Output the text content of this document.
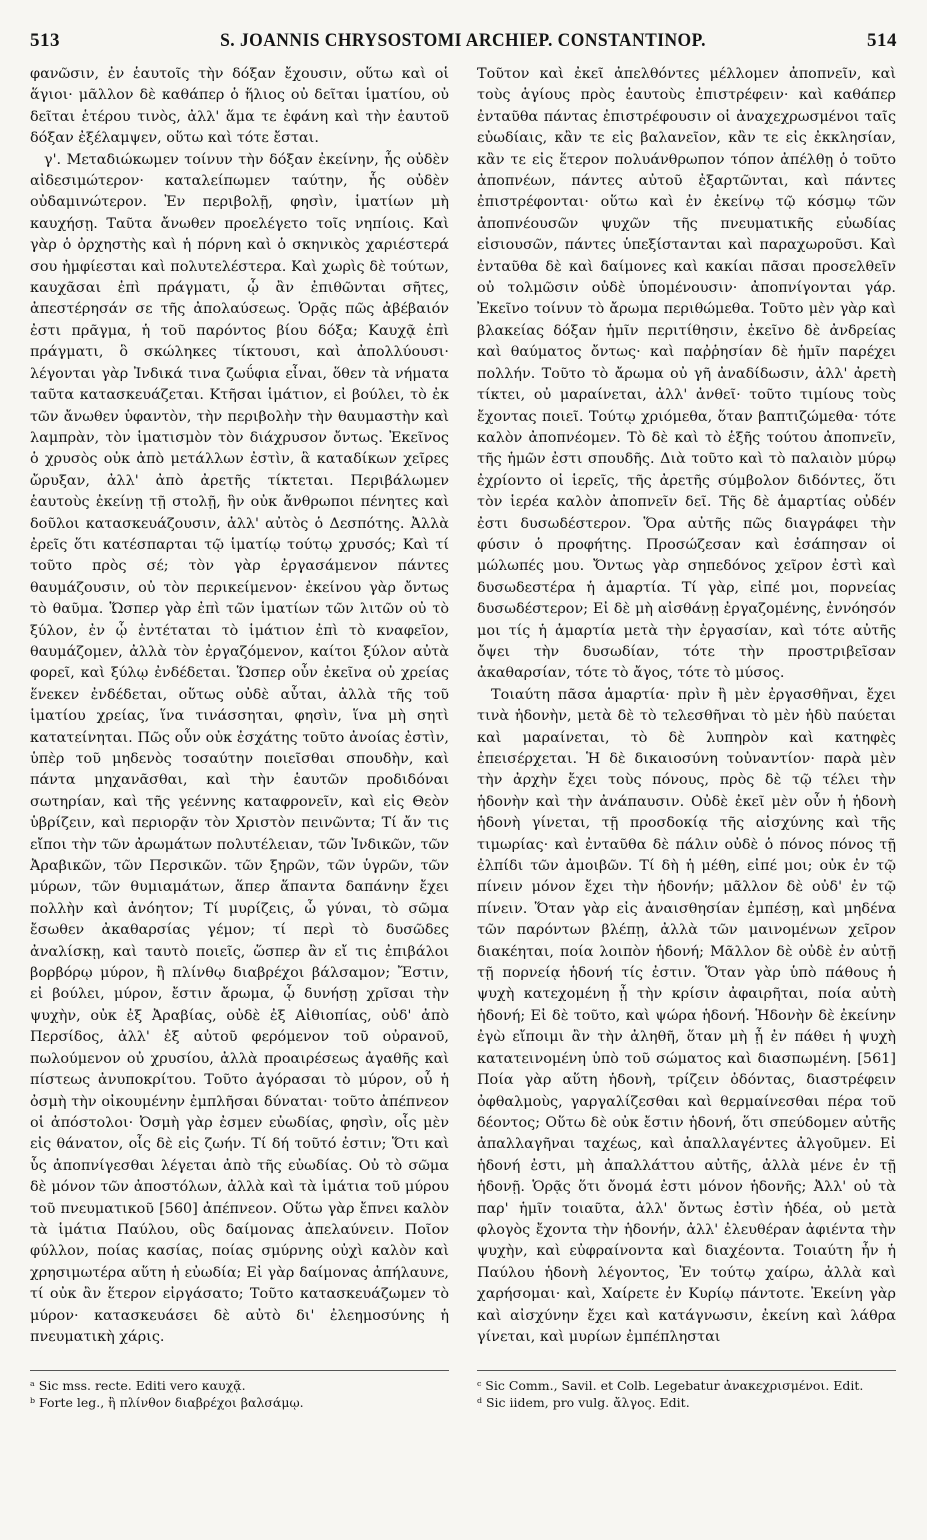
513	S. JOANNIS CHRYSOSTOMI ARCHIEP. CONSTANTINOP.	514

φανῶσιν, ἐν ἑαυτοῖς τὴν δόξαν ἔχουσιν, οὕτω καὶ οἱ ἅγιοι· μᾶλλον δὲ καθάπερ ὁ ἥλιος οὐ δεῖται ἱματίου, οὐ δεῖται ἑτέρου τινὸς, ἀλλ' ἅμα τε ἐφάνη καὶ τὴν ἑαυτοῦ δόξαν ἐξέλαμψεν, οὕτω καὶ τότε ἔσται.

γ'. Μεταδιώκωμεν τοίνυν τὴν δόξαν ἐκείνην, ἧς οὐδὲν αἰδεσιμώτερον· καταλείπωμεν ταύτην, ἧς οὐδὲν οὐδαμινώτερον. Ἐν περιβολῇ, φησὶν, ἱματίων μὴ καυχήσῃ. Ταῦτα ἄνωθεν προελέγετο τοῖς νηπίοις. Καὶ γὰρ ὁ ὀρχηστὴς καὶ ἡ πόρνη καὶ ὁ σκηνικὸς χαριέστερά σου ἠμφίεσται καὶ πολυτελέστερα. Καὶ χωρὶς δὲ τούτων, καυχᾶσαι ἐπὶ πράγματι, ᾧ ἂν ἐπιθῶνται σῆτες, ἀπεστέρησάν σε τῆς ἀπολαύσεως. Ὁρᾷς πῶς ἀβέβαιόν ἐστι πρᾶγμα, ἡ τοῦ παρόντος βίου δόξα; Καυχᾷ ἐπὶ πράγματι, ὃ σκώληκες τίκτουσι, καὶ ἀπολλύουσι· λέγονται γὰρ Ἰνδικά τινα ζωΰφια εἶναι, ὅθεν τὰ νήματα ταῦτα κατασκευάζεται. Κτῆσαι ἱμάτιον, εἰ βούλει, τὸ ἐκ τῶν ἄνωθεν ὑφαντὸν, τὴν περιβολὴν τὴν θαυμαστὴν καὶ λαμπρὰν, τὸν ἱματισμὸν τὸν διάχρυσον ὄντως. Ἐκεῖνος ὁ χρυσὸς οὐκ ἀπὸ μετάλλων ἐστὶν, ἃ καταδίκων χεῖρες ὤρυξαν, ἀλλ' ἀπὸ ἀρετῆς τίκτεται. Περιβάλωμεν ἑαυτοὺς ἐκείνῃ τῇ στολῇ, ἣν οὐκ ἄνθρωποι πένητες καὶ δοῦλοι κατασκευάζουσιν, ἀλλ' αὐτὸς ὁ Δεσπότης. Ἀλλὰ ἐρεῖς ὅτι κατέσπαρται τῷ ἱματίῳ τούτῳ χρυσός; Καὶ τί τοῦτο πρὸς σέ; τὸν γὰρ ἐργασάμενον πάντες θαυμάζουσιν, οὐ τὸν περικείμενον· ἐκείνου γὰρ ὄντως τὸ θαῦμα. Ὥσπερ γὰρ ἐπὶ τῶν ἱματίων τῶν λιτῶν οὐ τὸ ξύλον, ἐν ᾧ ἐντέταται τὸ ἱμάτιον ἐπὶ τὸ κναφεῖον, θαυμάζομεν, ἀλλὰ τὸν ἐργαζόμενον, καίτοι ξύλον αὐτὰ φορεῖ, καὶ ξύλῳ ἐνδέδεται. Ὥσπερ οὖν ἐκεῖνα οὐ χρείας ἕνεκεν ἐνδέδεται, οὕτως οὐδὲ αὗται, ἀλλὰ τῆς τοῦ ἱματίου χρείας, ἵνα τινάσσηται, φησὶν, ἵνα μὴ σητὶ κατατείνηται. Πῶς οὖν οὐκ ἐσχάτης τοῦτο ἀνοίας ἐστὶν, ὑπὲρ τοῦ μηδενὸς τοσαύτην ποιεῖσθαι σπουδὴν, καὶ πάντα μηχανᾶσθαι, καὶ τὴν ἑαυτῶν προδιδόναι σωτηρίαν, καὶ τῆς γεέννης καταφρονεῖν, καὶ εἰς Θεὸν ὑβρίζειν, καὶ περιορᾷν τὸν Χριστὸν πεινῶντα; Τί ἄν τις εἴποι τὴν τῶν ἀρωμάτων πολυτέλειαν, τῶν Ἰνδικῶν, τῶν Ἀραβικῶν, τῶν Περσικῶν. τῶν ξηρῶν, τῶν ὑγρῶν, τῶν μύρων, τῶν θυμιαμάτων, ἅπερ ἅπαντα δαπάνην ἔχει πολλὴν καὶ ἀνόητον; Τί μυρίζεις, ὦ γύναι, τὸ σῶμα ἔσωθεν ἀκαθαρσίας γέμον; τί περὶ τὸ δυσῶδες ἀναλίσκῃ, καὶ ταυτὸ ποιεῖς, ὥσπερ ἂν εἴ τις ἐπιβάλοι βορβόρῳ μύρον, ἢ πλίνθῳ διαβρέχοι βάλσαμον; Ἔστιν, εἰ βούλει, μύρον, ἔστιν ἄρωμα, ᾧ δυνήσῃ χρῖσαι τὴν ψυχὴν, οὐκ ἐξ Ἀραβίας, οὐδὲ ἐξ Αἰθιοπίας, οὐδ' ἀπὸ Περσίδος, ἀλλ' ἐξ αὐτοῦ φερόμενον τοῦ οὐρανοῦ, πωλούμενον οὐ χρυσίου, ἀλλὰ προαιρέσεως ἀγαθῆς καὶ πίστεως ἀνυποκρίτου. Τοῦτο ἀγόρασαι τὸ μύρον, οὗ ἡ ὀσμὴ τὴν οἰκουμένην ἐμπλῆσαι δύναται· τοῦτο ἀπέπνεον οἱ ἀπόστολοι· Ὀσμὴ γὰρ ἐσμεν εὐωδίας, φησὶν, οἷς μὲν εἰς θάνατον, οἷς δὲ εἰς ζωήν. Τί δή τοῦτό ἐστιν; Ὅτι καὶ ὗς ἀποπνίγεσθαι λέγεται ἀπὸ τῆς εὐωδίας. Οὐ τὸ σῶμα δὲ μόνον τῶν ἀποστόλων, ἀλλὰ καὶ τὰ ἱμάτια τοῦ μύρου τοῦ πνευματικοῦ [560] ἀπέπνεον. Οὕτω γὰρ ἔπνει καλὸν τὰ ἱμάτια Παύλου, οὓς δαίμονας ἀπελαύνειν. Ποῖον φύλλον, ποίας κασίας, ποίας σμύρνης οὐχὶ καλὸν καὶ χρησιμωτέρα αὕτη ἡ εὐωδία; Εἰ γὰρ δαίμονας ἀπήλαυνε, τί οὐκ ἂν ἕτερον εἰργάσατο; Τοῦτο κατασκευάζωμεν τὸ μύρον· κατασκευάσει δὲ αὐτὸ δι' ἐλεημοσύνης ἡ πνευματικὴ χάρις.

Τοῦτον καὶ ἐκεῖ ἀπελθόντες μέλλομεν ἀποπνεῖν, καὶ τοὺς ἁγίους πρὸς ἑαυτοὺς ἐπιστρέφειν· καὶ καθάπερ ἐνταῦθα πάντας ἐπιστρέφουσιν οἱ ἀναχεχρωσμένοι ταῖς εὐωδίαις, κἂν τε εἰς βαλανεῖον, κἂν τε εἰς ἐκκλησίαν, κἂν τε εἰς ἕτερον πολυάνθρωπον τόπον ἀπέλθῃ ὁ τοῦτο ἀποπνέων, πάντες αὐτοῦ ἐξαρτῶνται, καὶ πάντες ἐπιστρέφονται· οὕτω καὶ ἐν ἐκείνῳ τῷ κόσμῳ τῶν ἀποπνέουσῶν ψυχῶν τῆς πνευματικῆς εὐωδίας εἰσιουσῶν, πάντες ὑπεξίστανται καὶ παραχωροῦσι. Καὶ ἐνταῦθα δὲ καὶ δαίμονες καὶ κακίαι πᾶσαι προσελθεῖν οὐ τολμῶσιν οὐδὲ ὑπομένουσιν· ἀποπνίγονται γάρ. Ἐκεῖνο τοίνυν τὸ ἄρωμα περιθώμεθα. Τοῦτο μὲν γὰρ καὶ βλακείας δόξαν ἡμῖν περιτίθησιν, ἐκεῖνο δὲ ἀνδρείας καὶ θαύματος ὄντως· καὶ παῤῥησίαν δὲ ἡμῖν παρέχει πολλήν. Τοῦτο τὸ ἄρωμα οὐ γῆ ἀναδίδωσιν, ἀλλ' ἀρετὴ τίκτει, οὐ μαραίνεται, ἀλλ' ἀνθεῖ· τοῦτο τιμίους τοὺς ἔχοντας ποιεῖ. Τούτῳ χριόμεθα, ὅταν βαπτιζώμεθα· τότε καλὸν ἀποπνέομεν. Τὸ δὲ καὶ τὸ ἑξῆς τούτου ἀποπνεῖν, τῆς ἡμῶν ἐστι σπουδῆς. Διὰ τοῦτο καὶ τὸ παλαιὸν μύρῳ ἐχρίοντο οἱ ἱερεῖς, τῆς ἀρετῆς σύμβολον διδόντες, ὅτι τὸν ἱερέα καλὸν ἀποπνεῖν δεῖ. Τῆς δὲ ἁμαρτίας οὐδέν ἐστι δυσωδέστερον. Ὅρα αὐτῆς πῶς διαγράφει τὴν φύσιν ὁ προφήτης. Προσώζεσαν καὶ ἐσάπησαν οἱ μώλωπές μου. Ὄντως γὰρ σηπεδόνος χεῖρον ἐστὶ καὶ δυσωδεστέρα ἡ ἁμαρτία. Τί γὰρ, εἰπέ μοι, πορνείας δυσωδέστερον; Εἰ δὲ μὴ αἰσθάνῃ ἐργαζομένης, ἐννόησόν μοι τίς ἡ ἁμαρτία μετὰ τὴν ἐργασίαν, καὶ τότε αὐτῆς ὄψει τὴν δυσωδίαν, τότε τὴν προστριβεῖσαν ἀκαθαρσίαν, τότε τὸ ἄγος, τότε τὸ μύσος.

Τοιαύτη πᾶσα ἁμαρτία· πρὶν ἢ μὲν ἐργασθῆναι, ἔχει τινὰ ἡδονὴν, μετὰ δὲ τὸ τελεσθῆναι τὸ μὲν ἡδὺ παύεται καὶ μαραίνεται, τὸ δὲ λυπηρὸν καὶ κατηφὲς ἐπεισέρχεται. Ἡ δὲ δικαιοσύνη τοὐναντίον· παρὰ μὲν τὴν ἀρχὴν ἔχει τοὺς πόνους, πρὸς δὲ τῷ τέλει τὴν ἡδονὴν καὶ τὴν ἀνάπαυσιν. Οὐδὲ ἐκεῖ μὲν οὖν ἡ ἡδονὴ ἡδονὴ γίνεται, τῇ προσδοκίᾳ τῆς αἰσχύνης καὶ τῆς τιμωρίας· καὶ ἐνταῦθα δὲ πάλιν οὐδὲ ὁ πόνος πόνος τῇ ἐλπίδι τῶν ἀμοιβῶν. Τί δὴ ἡ μέθη, εἰπέ μοι; οὐκ ἐν τῷ πίνειν μόνον ἔχει τὴν ἡδονήν; μᾶλλον δὲ οὐδ' ἐν τῷ πίνειν. Ὅταν γὰρ εἰς ἀναισθησίαν ἐμπέσῃ, καὶ μηδένα τῶν παρόντων βλέπῃ, ἀλλὰ τῶν μαινομένων χεῖρον διακέηται, ποία λοιπὸν ἡδονή; Μᾶλλον δὲ οὐδὲ ἐν αὐτῇ τῇ πορνείᾳ ἡδονή τίς ἐστιν. Ὅταν γὰρ ὑπὸ πάθους ἡ ψυχὴ κατεχομένη ᾖ τὴν κρίσιν ἀφαιρῆται, ποία αὐτὴ ἡδονή; Εἰ δὲ τοῦτο, καὶ ψώρα ἡδονή. Ἡδονὴν δὲ ἐκείνην ἐγὼ εἴποιμι ἂν τὴν ἀληθῆ, ὅταν μὴ ᾖ ἐν πάθει ἡ ψυχὴ κατατεινομένη ὑπὸ τοῦ σώματος καὶ διασπωμένη. [561] Ποία γὰρ αὕτη ἡδονὴ, τρίζειν ὀδόντας, διαστρέφειν ὀφθαλμοὺς, γαργαλίζεσθαι καὶ θερμαίνεσθαι πέρα τοῦ δέοντος; Οὕτω δὲ οὐκ ἔστιν ἡδονή, ὅτι σπεύδομεν αὐτῆς ἀπαλλαγῆναι ταχέως, καὶ ἀπαλλαγέντες ἀλγοῦμεν. Εἰ ἡδονή ἐστι, μὴ ἀπαλλάττου αὐτῆς, ἀλλὰ μένε ἐν τῇ ἡδονῇ. Ὁρᾷς ὅτι ὄνομά ἐστι μόνον ἡδονῆς; Ἀλλ' οὐ τὰ παρ' ἡμῖν τοιαῦτα, ἀλλ' ὄντως ἐστὶν ἡδέα, οὐ μετὰ φλογὸς ἔχοντα τὴν ἡδονήν, ἀλλ' ἐλευθέραν ἀφιέντα τὴν ψυχὴν, καὶ εὐφραίνοντα καὶ διαχέοντα. Τοιαύτη ἦν ἡ Παύλου ἡδονὴ λέγοντος, Ἐν τούτῳ χαίρω, ἀλλὰ καὶ χαρήσομαι· καὶ, Χαίρετε ἐν Κυρίῳ πάντοτε. Ἐκείνη γὰρ καὶ αἰσχύνην ἔχει καὶ κατάγνωσιν, ἐκείνη καὶ λάθρα γίνεται, καὶ μυρίων ἐμπέπλησται

ᵃ Sic mss. recte. Editi vero καυχᾷ.
ᵇ Forte leg., ἢ πλίνθον διαβρέχοι βαλσάμῳ.
ᶜ Sic Comm., Savil. et Colb. Legebatur ἀνακεχρισμένοι. Edit.
ᵈ Sic iidem, pro vulg. ἄλγος. Edit.
